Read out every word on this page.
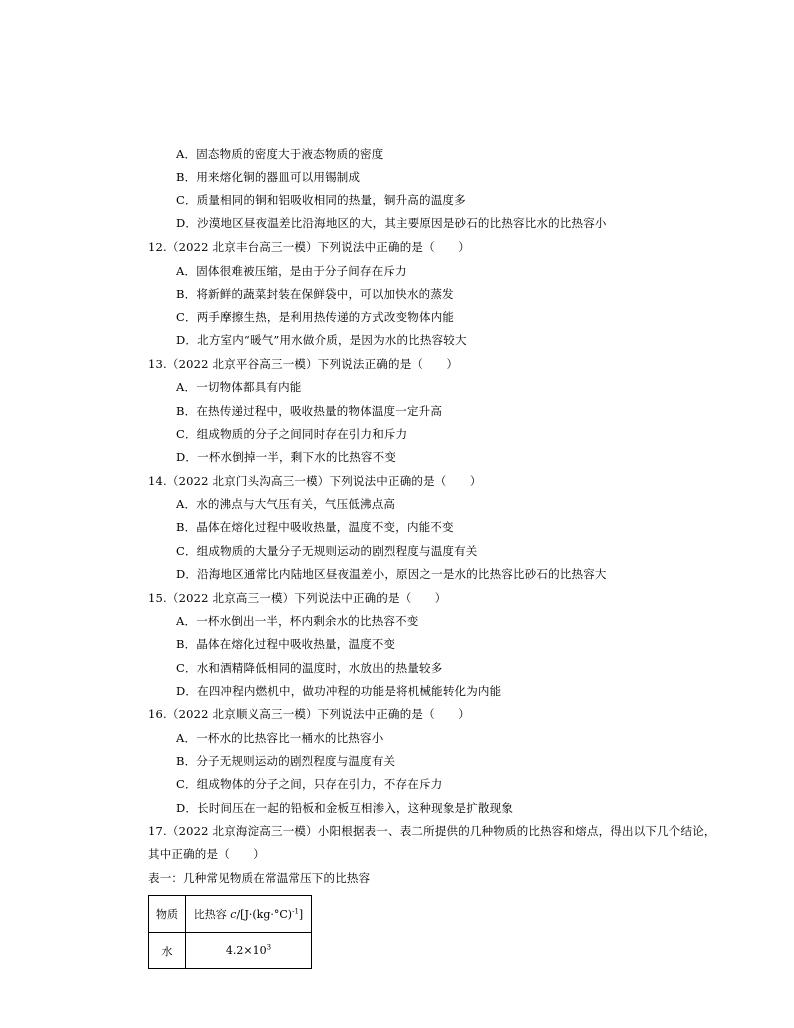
A．固态物质的密度大于液态物质的密度
B．用来熔化铜的器皿可以用锡制成
C．质量相同的铜和铝吸收相同的热量，铜升高的温度多
D．沙漠地区昼夜温差比沿海地区的大，其主要原因是砂石的比热容比水的比热容小
12.（2022 北京丰台高三一模）下列说法中正确的是（　　）
A．固体很难被压缩，是由于分子间存在斥力
B．将新鲜的蔬菜封装在保鲜袋中，可以加快水的蒸发
C．两手摩擦生热，是利用热传递的方式改变物体内能
D．北方室内“暖气”用水做介质，是因为水的比热容较大
13.（2022 北京平谷高三一模）下列说法正确的是（　　）
A．一切物体都具有内能
B．在热传递过程中，吸收热量的物体温度一定升高
C．组成物质的分子之间同时存在引力和斥力
D．一杯水倒掉一半，剩下水的比热容不变
14.（2022 北京门头沟高三一模）下列说法中正确的是（　　）
A．水的沸点与大气压有关，气压低沸点高
B．晶体在熔化过程中吸收热量，温度不变，内能不变
C．组成物质的大量分子无规则运动的剧烈程度与温度有关
D．沿海地区通常比内陆地区昼夜温差小，原因之一是水的比热容比砂石的比热容大
15.（2022 北京高三一模）下列说法中正确的是（　　）
A．一杯水倒出一半，杯内剩余水的比热容不变
B．晶体在熔化过程中吸收热量，温度不变
C．水和酒精降低相同的温度时，水放出的热量较多
D．在四冲程内燃机中，做功冲程的功能是将机械能转化为内能
16.（2022 北京顺义高三一模）下列说法中正确的是（　　）
A．一杯水的比热容比一桶水的比热容小
B．分子无规则运动的剧烈程度与温度有关
C．组成物体的分子之间，只存在引力，不存在斥力
D．长时间压在一起的铅板和金板互相渗入，这种现象是扩散现象
17.（2022 北京海淀高三一模）小阳根据表一、表二所提供的几种物质的比热容和熔点，得出以下几个结论，
其中正确的是（　　）
表一：几种常见物质在常温常压下的比热容
物质	比热容 $c/[J\cdot(kg\cdot^\circ C)^{-1}]$
水	$4.2\times 10^3$
